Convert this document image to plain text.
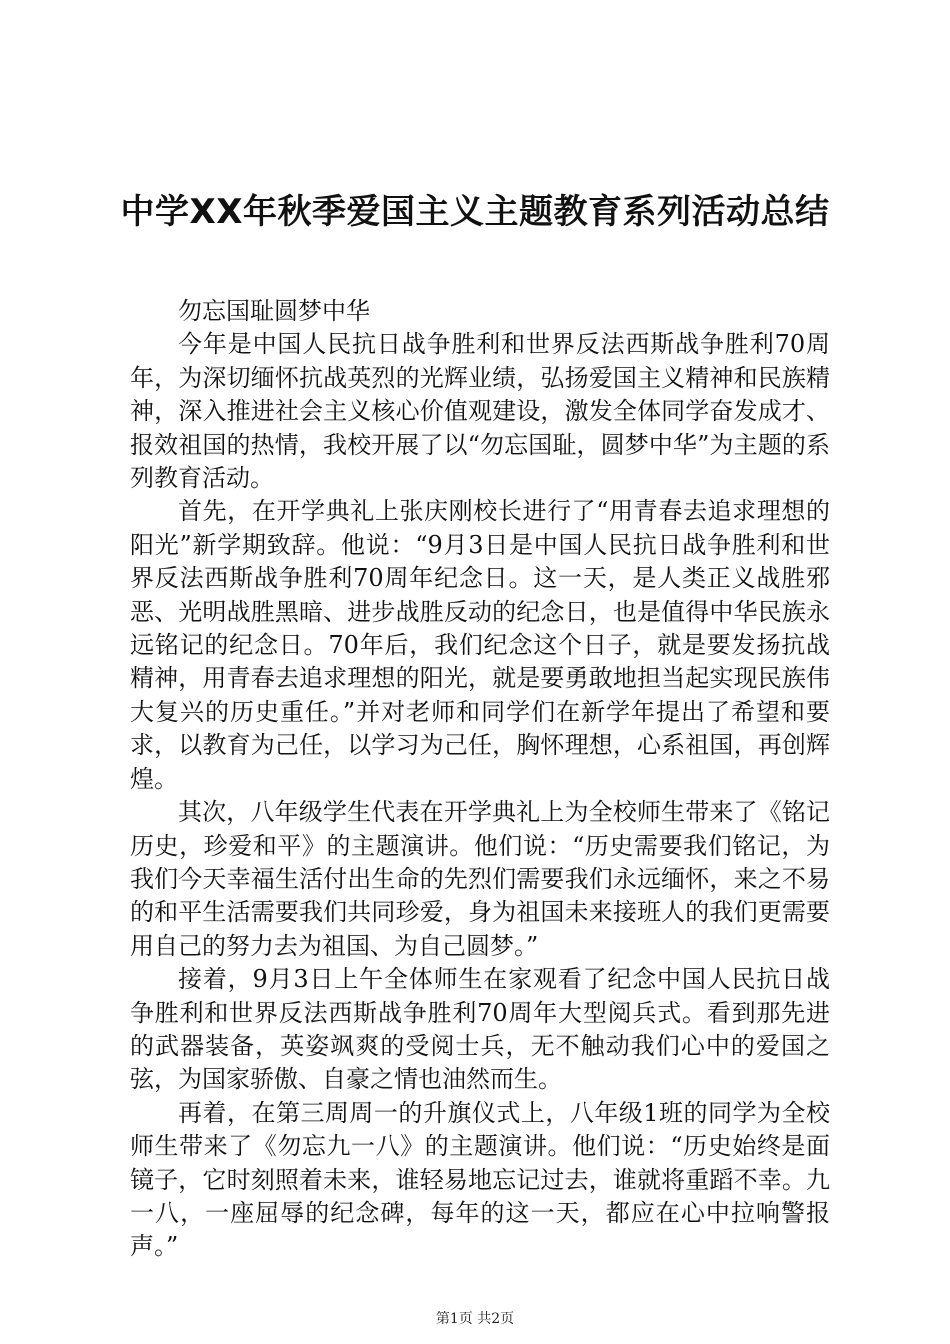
中学XX年秋季爱国主义主题教育系列活动总结

勿忘国耻圆梦中华

今年是中国人民抗日战争胜利和世界反法西斯战争胜利70周年，为深切缅怀抗战英烈的光辉业绩，弘扬爱国主义精神和民族精神，深入推进社会主义核心价值观建设，激发全体同学奋发成才、报效祖国的热情，我校开展了以“勿忘国耻，圆梦中华”为主题的系列教育活动。

首先，在开学典礼上张庆刚校长进行了“用青春去追求理想的阳光”新学期致辞。他说：“9月3日是中国人民抗日战争胜利和世界反法西斯战争胜利70周年纪念日。这一天，是人类正义战胜邪恶、光明战胜黑暗、进步战胜反动的纪念日，也是值得中华民族永远铭记的纪念日。70年后，我们纪念这个日子，就是要发扬抗战精神，用青春去追求理想的阳光，就是要勇敢地担当起实现民族伟大复兴的历史重任。”并对老师和同学们在新学年提出了希望和要求，以教育为己任，以学习为己任，胸怀理想，心系祖国，再创辉煌。

其次，八年级学生代表在开学典礼上为全校师生带来了《铭记历史，珍爱和平》的主题演讲。他们说：“历史需要我们铭记，为我们今天幸福生活付出生命的先烈们需要我们永远缅怀，来之不易的和平生活需要我们共同珍爱，身为祖国未来接班人的我们更需要用自己的努力去为祖国、为自己圆梦。”

接着，9月3日上午全体师生在家观看了纪念中国人民抗日战争胜利和世界反法西斯战争胜利70周年大型阅兵式。看到那先进的武器装备，英姿飒爽的受阅士兵，无不触动我们心中的爱国之弦，为国家骄傲、自豪之情也油然而生。

再着，在第三周周一的升旗仪式上，八年级1班的同学为全校师生带来了《勿忘九一八》的主题演讲。他们说：“历史始终是面镜子，它时刻照着未来，谁轻易地忘记过去，谁就将重蹈不幸。九一八，一座屈辱的纪念碑，每年的这一天，都应在心中拉响警报声。”

第1页 共2页
